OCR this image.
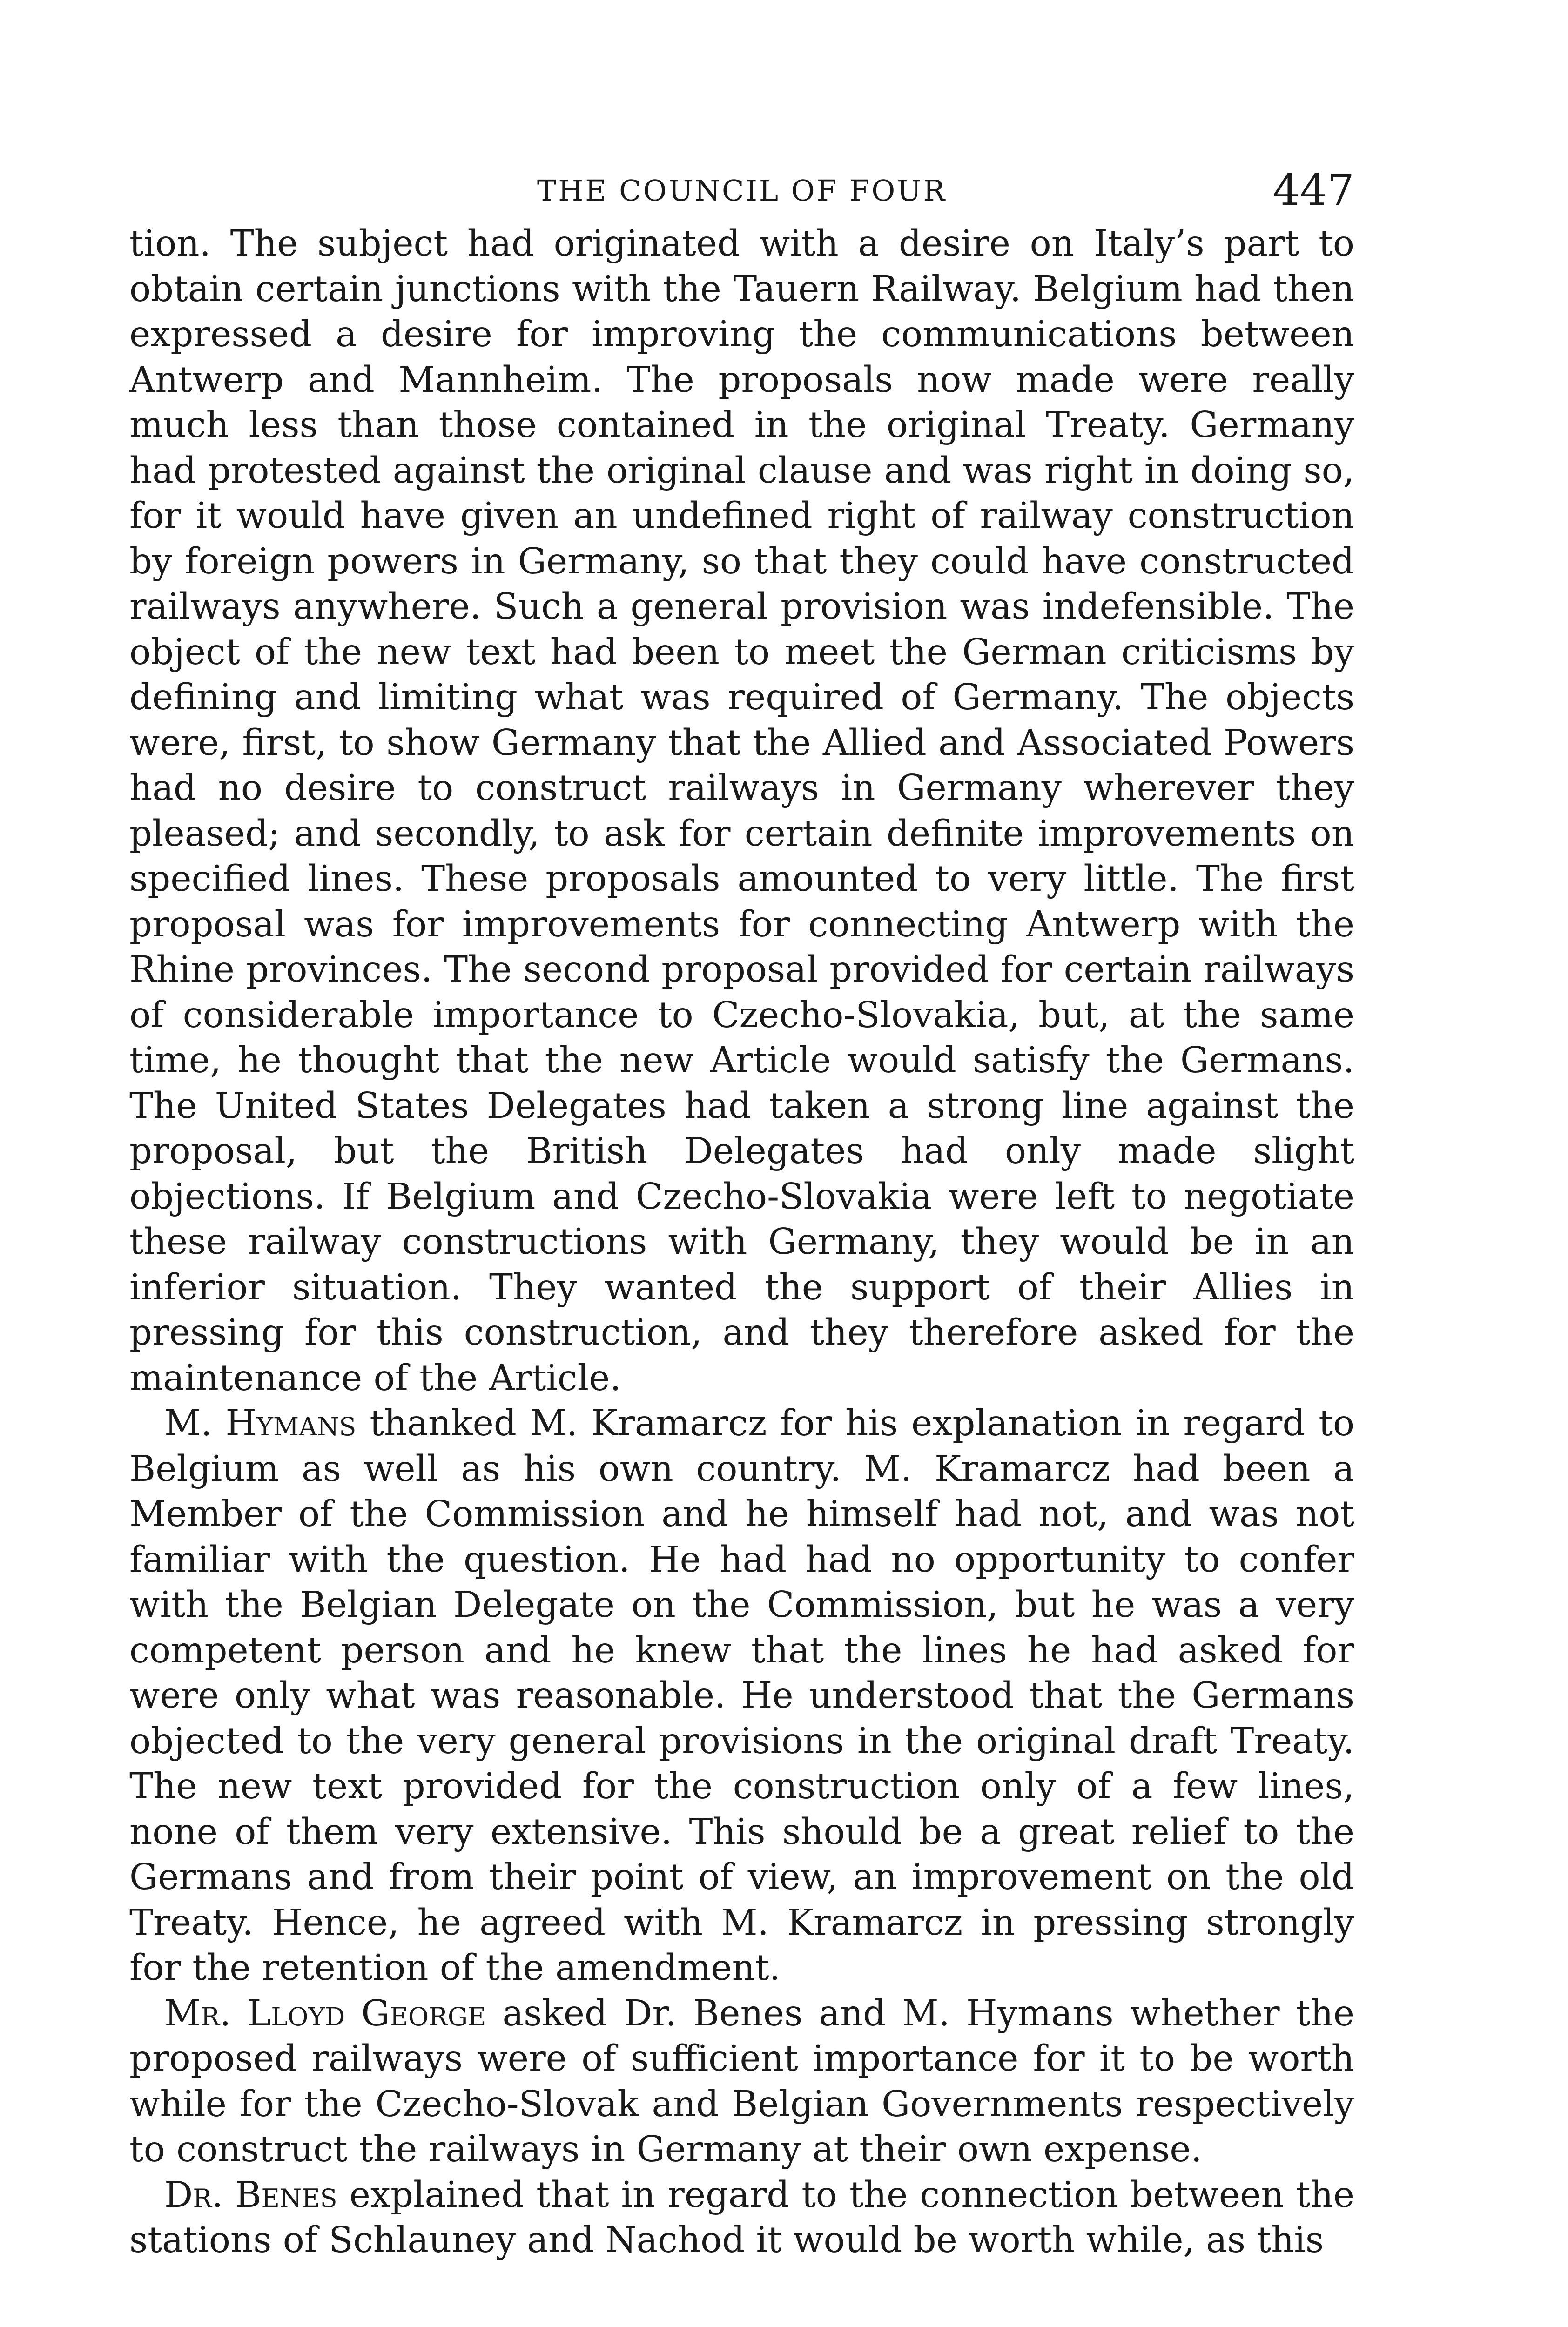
THE COUNCIL OF FOUR	447

tion. The subject had originated with a desire on Italy’s part to obtain certain junctions with the Tauern Railway. Belgium had then expressed a desire for improving the communications between Antwerp and Mannheim. The proposals now made were really much less than those contained in the original Treaty. Germany had protested against the original clause and was right in doing so, for it would have given an undefined right of railway construction by foreign powers in Germany, so that they could have constructed railways anywhere. Such a general provision was indefensible. The object of the new text had been to meet the German criticisms by defining and limiting what was required of Germany. The objects were, first, to show Germany that the Allied and Associated Powers had no desire to construct railways in Germany wherever they pleased; and secondly, to ask for certain definite improvements on specified lines. These proposals amounted to very little. The first proposal was for improvements for connecting Antwerp with the Rhine provinces. The second proposal provided for certain railways of considerable importance to Czecho-Slovakia, but, at the same time, he thought that the new Article would satisfy the Germans. The United States Delegates had taken a strong line against the proposal, but the British Delegates had only made slight objections. If Belgium and Czecho-Slovakia were left to negotiate these railway constructions with Germany, they would be in an inferior situation. They wanted the support of their Allies in pressing for this construction, and they therefore asked for the maintenance of the Article.

M. Hymans thanked M. Kramarcz for his explanation in regard to Belgium as well as his own country. M. Kramarcz had been a Member of the Commission and he himself had not, and was not familiar with the question. He had had no opportunity to confer with the Belgian Delegate on the Commission, but he was a very competent person and he knew that the lines he had asked for were only what was reasonable. He understood that the Germans objected to the very general provisions in the original draft Treaty. The new text provided for the construction only of a few lines, none of them very extensive. This should be a great relief to the Germans and from their point of view, an improvement on the old Treaty. Hence, he agreed with M. Kramarcz in pressing strongly for the retention of the amendment.

Mr. Lloyd George asked Dr. Benes and M. Hymans whether the proposed railways were of sufficient importance for it to be worth while for the Czecho-Slovak and Belgian Governments respectively to construct the railways in Germany at their own expense.

Dr. Benes explained that in regard to the connection between the stations of Schlauney and Nachod it would be worth while, as this
